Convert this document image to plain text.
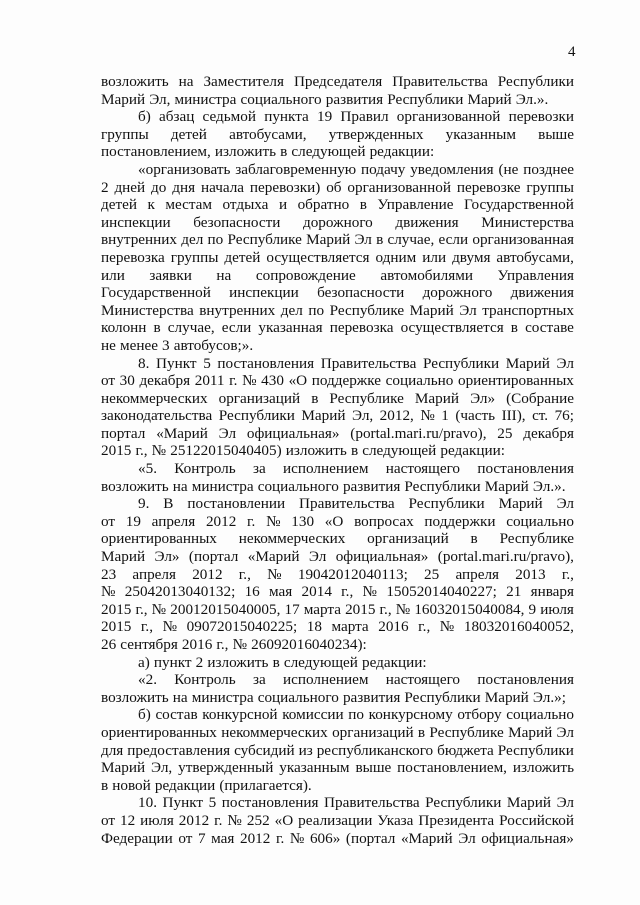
4
возложить на Заместителя Председателя Правительства Республики
Марий Эл, министра социального развития Республики Марий Эл.».
б) абзац седьмой пункта 19 Правил организованной перевозки
группы детей автобусами, утвержденных указанным выше
постановлением, изложить в следующей редакции:
«организовать заблаговременную подачу уведомления (не позднее
2 дней до дня начала перевозки) об организованной перевозке группы
детей к местам отдыха и обратно в Управление Государственной
инспекции безопасности дорожного движения Министерства
внутренних дел по Республике Марий Эл в случае, если организованная
перевозка группы детей осуществляется одним или двумя автобусами,
или заявки на сопровождение автомобилями Управления
Государственной инспекции безопасности дорожного движения
Министерства внутренних дел по Республике Марий Эл транспортных
колонн в случае, если указанная перевозка осуществляется в составе
не менее 3 автобусов;».
8. Пункт 5 постановления Правительства Республики Марий Эл
от 30 декабря 2011 г. № 430 «О поддержке социально ориентированных
некоммерческих организаций в Республике Марий Эл» (Собрание
законодательства Республики Марий Эл, 2012, № 1 (часть III), ст. 76;
портал «Марий Эл официальная» (portal.mari.ru/pravo), 25 декабря
2015 г., № 25122015040405) изложить в следующей редакции:
«5. Контроль за исполнением настоящего постановления
возложить на министра социального развития Республики Марий Эл.».
9. В постановлении Правительства Республики Марий Эл
от 19 апреля 2012 г. № 130 «О вопросах поддержки социально
ориентированных некоммерческих организаций в Республике
Марий Эл» (портал «Марий Эл официальная» (portal.mari.ru/pravo),
23 апреля 2012 г., № 19042012040113; 25 апреля 2013 г.,
№ 25042013040132; 16 мая 2014 г., № 15052014040227; 21 января
2015 г., № 20012015040005, 17 марта 2015 г., № 16032015040084, 9 июля
2015 г., № 09072015040225; 18 марта 2016 г., № 18032016040052,
26 сентября 2016 г., № 26092016040234):
а) пункт 2 изложить в следующей редакции:
«2. Контроль за исполнением настоящего постановления
возложить на министра социального развития Республики Марий Эл.»;
б) состав конкурсной комиссии по конкурсному отбору социально
ориентированных некоммерческих организаций в Республике Марий Эл
для предоставления субсидий из республиканского бюджета Республики
Марий Эл, утвержденный указанным выше постановлением, изложить
в новой редакции (прилагается).
10. Пункт 5 постановления Правительства Республики Марий Эл
от 12 июля 2012 г. № 252 «О реализации Указа Президента Российской
Федерации от 7 мая 2012 г. № 606» (портал «Марий Эл официальная»
